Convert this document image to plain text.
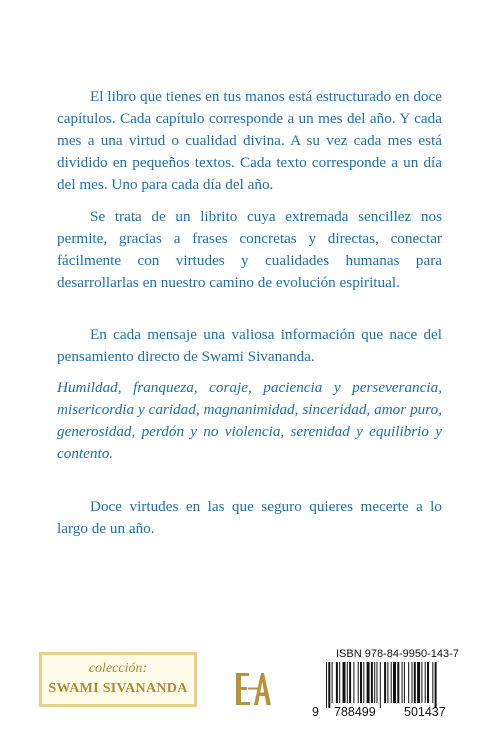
El libro que tienes en tus manos está estructurado en doce capítulos. Cada capítulo corresponde a un mes del año. Y cada mes a una virtud o cualidad divina. A su vez cada mes está dividido en pequeños textos. Cada texto corresponde a un día del mes. Uno para cada día del año.
Se trata de un librito cuya extremada sencillez nos permite, gracias a frases concretas y directas, conectar fácilmente con virtudes y cualidades humanas para desarrollarlas en nuestro camino de evolución espiritual.
En cada mensaje una valiosa información que nace del pensamiento directo de Swami Sivananda.
Humildad, franqueza, coraje, paciencia y perseverancia, misericordia y caridad, magnanimidad, sinceridad, amor puro, generosidad, perdón y no violencia, serenidad y equilibrio y contento.
Doce virtudes en las que seguro quieres mecerte a lo largo de un año.
colección:
SWAMI SIVANANDA
ISBN 978-84-9950-143-7
9 788499 501437
